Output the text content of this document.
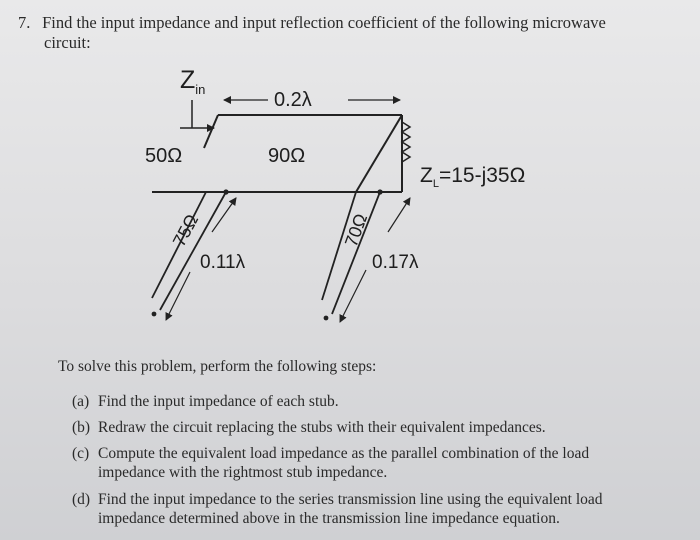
7. Find the input impedance and input reflection coefficient of the following microwave
circuit:
$Z_{in}$	0.2λ
50Ω	90Ω
$Z_L=15-j35\Omega$
75Ω
0.11λ
70Ω
0.17λ
To solve this problem, perform the following steps:
(a) Find the input impedance of each stub.
(b) Redraw the circuit replacing the stubs with their equivalent impedances.
(c) Compute the equivalent load impedance as the parallel combination of the load
impedance with the rightmost stub impedance.
(d) Find the input impedance to the series transmission line using the equivalent load
impedance determined above in the transmission line impedance equation.
